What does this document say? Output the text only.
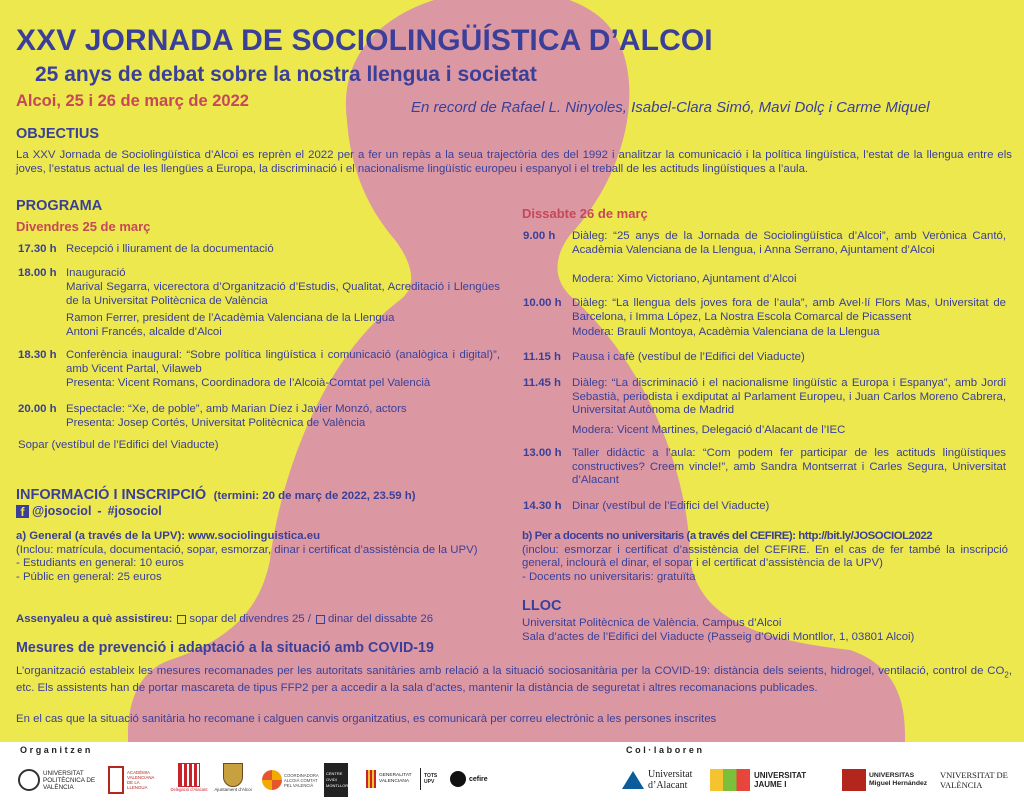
XXV JORNADA DE SOCIOLINGÜÍSTICA D’ALCOI
25 anys de debat sobre la nostra llengua i societat
Alcoi, 25 i 26 de març de 2022	En record de Rafael L. Ninyoles, Isabel-Clara Simó, Mavi Dolç i Carme Miquel
OBJECTIUS
La XXV Jornada de Sociolingüística d’Alcoi es reprèn el 2022 per a fer un repàs a la seua trajectòria des del 1992 i analitzar la comunicació i la política lingüística, l’estat de la llengua entre els joves, l’estatus actual de les llengües a Europa, la discriminació i el nacionalisme lingüístic europeu i espanyol i el treball de les actituds lingüístiques a l’aula.
PROGRAMA
Divendres 25 de març
17.30 h Recepció i lliurament de la documentació
18.00 h Inauguració
Marival Segarra, vicerectora d’Organització d’Estudis, Qualitat, Acreditació i Llengües de la Universitat Politècnica de València
Ramon Ferrer, president de l’Acadèmia Valenciana de la Llengua
Antoni Francés, alcalde d’Alcoi
18.30 h Conferència inaugural: “Sobre política lingüística i comunicació (analògica i digital)”, amb Vicent Partal, Vilaweb
Presenta: Vicent Romans, Coordinadora de l’Alcoià-Comtat pel Valencià
20.00 h Espectacle: “Xe, de poble”, amb Marian Díez i Javier Monzó, actors
Presenta: Josep Cortés, Universitat Politècnica de València
Sopar (vestíbul de l’Edifici del Viaducte)
Dissabte 26 de març
9.00 h Diàleg: “25 anys de la Jornada de Sociolingüística d’Alcoi”, amb Verònica Cantó, Acadèmia Valenciana de la Llengua, i Anna Serrano, Ajuntament d’Alcoi
Modera: Ximo Victoriano, Ajuntament d’Alcoi
10.00 h Diàleg: “La llengua dels joves fora de l’aula”, amb Avel·lí Flors Mas, Universitat de Barcelona, i Imma López, La Nostra Escola Comarcal de Picassent
Modera: Brauli Montoya, Acadèmia Valenciana de la Llengua
11.15 h Pausa i cafè (vestíbul de l’Edifici del Viaducte)
11.45 h Diàleg: “La discriminació i el nacionalisme lingüístic a Europa i Espanya”, amb Jordi Sebastià, periodista i exdiputat al Parlament Europeu, i Juan Carlos Moreno Cabrera, Universitat Autònoma de Madrid
Modera: Vicent Martines, Delegació d’Alacant de l’IEC
13.00 h Taller didàctic a l’aula: “Com podem fer participar de les actituds lingüístiques constructives? Creem vincle!”, amb Sandra Montserrat i Carles Segura, Universitat d’Alacant
14.30 h Dinar (vestíbul de l’Edifici del Viaducte)
INFORMACIÓ I INSCRIPCIÓ (termini: 20 de març de 2022, 23.59 h)
f @josociol - #josociol
a) General (a través de la UPV): www.sociolinguistica.eu
(Inclou: matrícula, documentació, sopar, esmorzar, dinar i certificat d’assistència de la UPV)
- Estudiants en general: 10 euros
- Públic en general: 25 euros
Assenyaleu a què assistireu: sopar del divendres 25 / dinar del dissabte 26
b) Per a docents no universitaris (a través del CEFIRE): http://bit.ly/JOSOCIOL2022
(inclou: esmorzar i certificat d’assistència del CEFIRE. En el cas de fer també la inscripció general, inclourà el dinar, el sopar i el certificat d’assistència de la UPV)
- Docents no universitaris: gratuïta
LLOC
Universitat Politècnica de València. Campus d’Alcoi
Sala d’actes de l’Edifici del Viaducte (Passeig d’Ovidi Montllor, 1, 03801 Alcoi)
Mesures de prevenció i adaptació a la situació amb COVID-19
L’organització estableix les mesures recomanades per les autoritats sanitàries amb relació a la situació sociosanitària per la COVID-19: distància dels seients, hidrogel, ventilació, control de $CO_2$, etc. Els assistents han de portar mascareta de tipus FFP2 per a accedir a la sala d’actes, mantenir la distància de seguretat i altres recomanacions publicades.
En el cas que la situació sanitària ho recomane i calguen canvis organitzatius, es comunicarà per correu electrònic a les persones inscrites
Organitzen	Col·laboren
UNIVERSITAT POLITÈCNICA DE VALÈNCIA
ACADÈMIA VALENCIANA DE LA LLENGUA	Delegació d’Alacant Ajuntament d’Alcoi
COORDINADORA ALCOIÀ COMTAT PEL VALENCIÀ
CENTRE OVIDI MONTLLOR
GENERALITAT VALENCIANA
TOTS UPV	cefire	Universitat d’Alacant
UNIVERSITAT JAUME I
UNIVERSITAS Miguel Hernández
VNIVERSITAT DE VALÈNCIA
